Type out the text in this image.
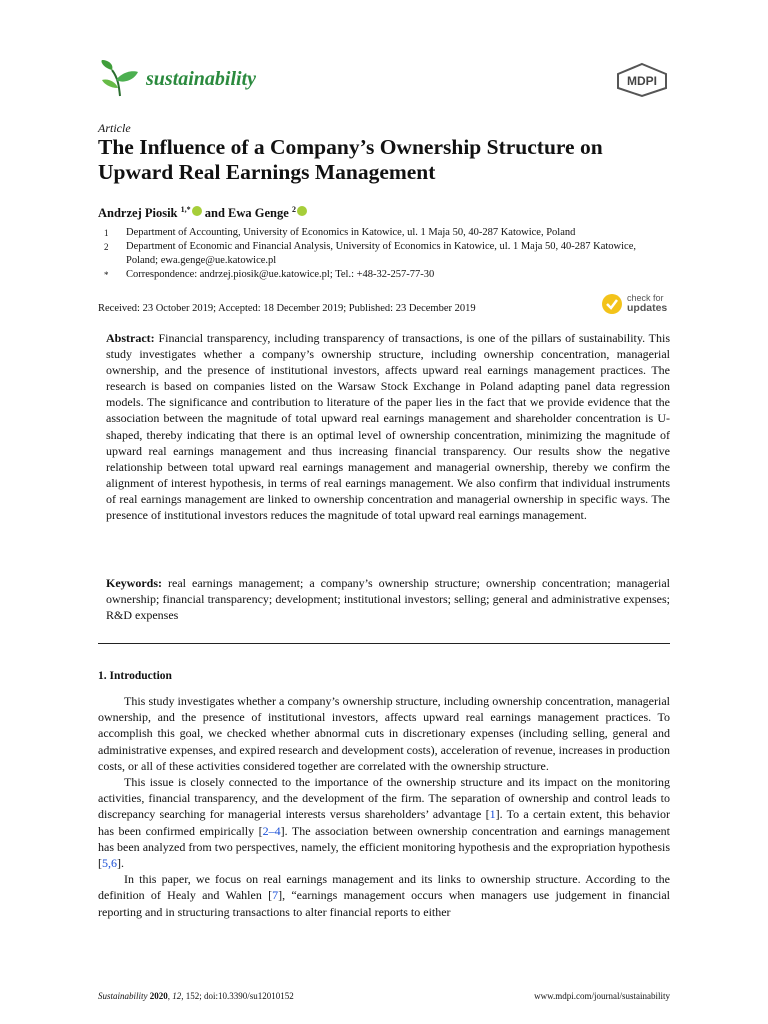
sustainability	MDPI
Article
The Influence of a Company’s Ownership Structure on Upward Real Earnings Management
Andrzej Piosik $^{1,*}$ and Ewa Genge $^2$
1	Department of Accounting, University of Economics in Katowice, ul. 1 Maja 50, 40-287 Katowice, Poland
2	Department of Economic and Financial Analysis, University of Economics in Katowice, ul. 1 Maja 50, 40-287 Katowice, Poland; ewa.genge@ue.katowice.pl
*	Correspondence: andrzej.piosik@ue.katowice.pl; Tel.: +48-32-257-77-30
Received: 23 October 2019; Accepted: 18 December 2019; Published: 23 December 2019
check for
updates
Abstract: Financial transparency, including transparency of transactions, is one of the pillars of sustainability. This study investigates whether a company’s ownership structure, including ownership concentration, managerial ownership, and the presence of institutional investors, affects upward real earnings management practices. The research is based on companies listed on the Warsaw Stock Exchange in Poland adapting panel data regression models. The significance and contribution to literature of the paper lies in the fact that we provide evidence that the association between the magnitude of total upward real earnings management and shareholder concentration is U-shaped, thereby indicating that there is an optimal level of ownership concentration, minimizing the magnitude of upward real earnings management and thus increasing financial transparency. Our results show the negative relationship between total upward real earnings management and managerial ownership, thereby we confirm the alignment of interest hypothesis, in terms of real earnings management. We also confirm that individual instruments of real earnings management are linked to ownership concentration and managerial ownership in specific ways. The presence of institutional investors reduces the magnitude of total upward real earnings management.
Keywords: real earnings management; a company’s ownership structure; ownership concentration; managerial ownership; financial transparency; development; institutional investors; selling; general and administrative expenses; R&D expenses
1. Introduction

This study investigates whether a company’s ownership structure, including ownership concentration, managerial ownership, and the presence of institutional investors, affects upward real earnings management practices. To accomplish this goal, we checked whether abnormal cuts in discretionary expenses (including selling, general and administrative expenses, and expired research and development costs), acceleration of revenue, increases in production costs, or all of these activities considered together are correlated with the ownership structure.

This issue is closely connected to the importance of the ownership structure and its impact on the monitoring activities, financial transparency, and the development of the firm. The separation of ownership and control leads to discrepancy searching for managerial interests versus shareholders’ advantage [1]. To a certain extent, this behavior has been confirmed empirically [2–4]. The association between ownership concentration and earnings management has been analyzed from two perspectives, namely, the efficient monitoring hypothesis and the expropriation hypothesis [5,6].

In this paper, we focus on real earnings management and its links to ownership structure. According to the definition of Healy and Wahlen [7], “earnings management occurs when managers use judgement in financial reporting and in structuring transactions to alter financial reports to either

Sustainability 2020, 12, 152; doi:10.3390/su12010152	www.mdpi.com/journal/sustainability
